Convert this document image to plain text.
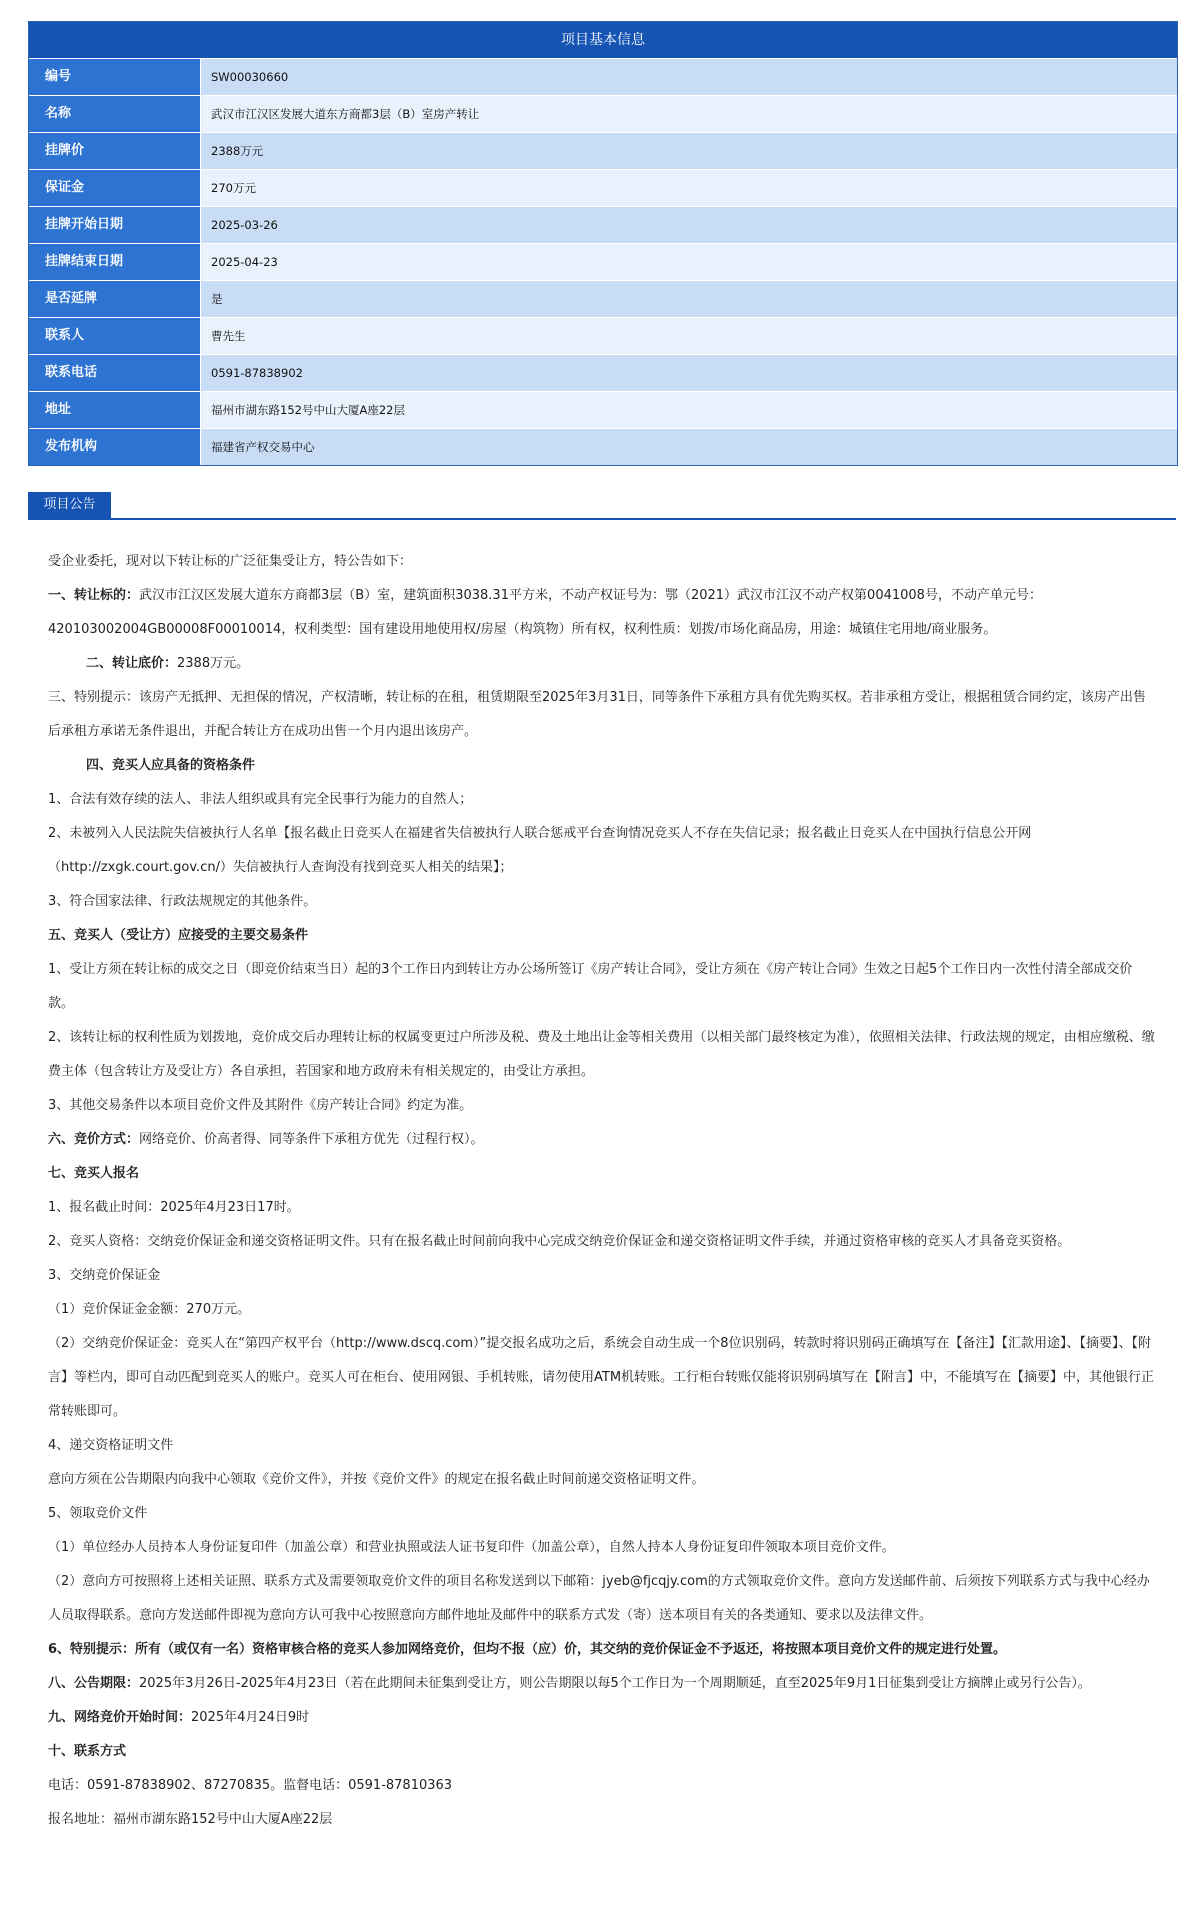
项目基本信息
编号	SW00030660
名称	武汉市江汉区发展大道东方商都3层（B）室房产转让
挂牌价	2388万元
保证金	270万元
挂牌开始日期	2025-03-26
挂牌结束日期	2025-04-23
是否延牌	是
联系人	曹先生
联系电话	0591-87838902
地址	福州市湖东路152号中山大厦A座22层
发布机构	福建省产权交易中心
项目公告

受企业委托，现对以下转让标的广泛征集受让方，特公告如下：

一、转让标的：武汉市江汉区发展大道东方商都3层（B）室，建筑面积3038.31平方米，不动产权证号为：鄂（2021）武汉市江汉不动产权第0041008号，不动产单元号：420103002004GB00008F00010014，权利类型：国有建设用地使用权/房屋（构筑物）所有权，权利性质：划拨/市场化商品房，用途：城镇住宅用地/商业服务。

二、转让底价：2388万元。

三、特别提示：该房产无抵押、无担保的情况，产权清晰，转让标的在租，租赁期限至2025年3月31日，同等条件下承租方具有优先购买权。若非承租方受让，根据租赁合同约定，该房产出售后承租方承诺无条件退出，并配合转让方在成功出售一个月内退出该房产。

四、竞买人应具备的资格条件

1、合法有效存续的法人、非法人组织或具有完全民事行为能力的自然人；

2、未被列入人民法院失信被执行人名单【报名截止日竞买人在福建省失信被执行人联合惩戒平台查询情况竞买人不存在失信记录；报名截止日竞买人在中国执行信息公开网（http://zxgk.court.gov.cn/）失信被执行人查询没有找到竞买人相关的结果】；

3、符合国家法律、行政法规规定的其他条件。

五、竞买人（受让方）应接受的主要交易条件

1、受让方须在转让标的成交之日（即竞价结束当日）起的3个工作日内到转让方办公场所签订《房产转让合同》，受让方须在《房产转让合同》生效之日起5个工作日内一次性付清全部成交价款。

2、该转让标的权利性质为划拨地，竞价成交后办理转让标的权属变更过户所涉及税、费及土地出让金等相关费用（以相关部门最终核定为准），依照相关法律、行政法规的规定，由相应缴税、缴费主体（包含转让方及受让方）各自承担，若国家和地方政府未有相关规定的，由受让方承担。

3、其他交易条件以本项目竞价文件及其附件《房产转让合同》约定为准。

六、竞价方式：网络竞价、价高者得、同等条件下承租方优先（过程行权）。

七、竞买人报名

1、报名截止时间：2025年4月23日17时。

2、竞买人资格：交纳竞价保证金和递交资格证明文件。只有在报名截止时间前向我中心完成交纳竞价保证金和递交资格证明文件手续，并通过资格审核的竞买人才具备竞买资格。

3、交纳竞价保证金

（1）竞价保证金金额：270万元。

（2）交纳竞价保证金：竞买人在“第四产权平台（http://www.dscq.com）”提交报名成功之后，系统会自动生成一个8位识别码，转款时将识别码正确填写在【备注】【汇款用途】、【摘要】、【附言】等栏内，即可自动匹配到竞买人的账户。竞买人可在柜台、使用网银、手机转账，请勿使用ATM机转账。工行柜台转账仅能将识别码填写在【附言】中，不能填写在【摘要】中，其他银行正常转账即可。

4、递交资格证明文件

意向方须在公告期限内向我中心领取《竞价文件》，并按《竞价文件》的规定在报名截止时间前递交资格证明文件。

5、领取竞价文件

（1）单位经办人员持本人身份证复印件（加盖公章）和营业执照或法人证书复印件（加盖公章），自然人持本人身份证复印件领取本项目竞价文件。

（2）意向方可按照将上述相关证照、联系方式及需要领取竞价文件的项目名称发送到以下邮箱：jyeb@fjcqjy.com的方式领取竞价文件。意向方发送邮件前、后须按下列联系方式与我中心经办人员取得联系。意向方发送邮件即视为意向方认可我中心按照意向方邮件地址及邮件中的联系方式发（寄）送本项目有关的各类通知、要求以及法律文件。

6、特别提示：所有（或仅有一名）资格审核合格的竞买人参加网络竞价，但均不报（应）价，其交纳的竞价保证金不予返还，将按照本项目竞价文件的规定进行处置。

八、公告期限：2025年3月26日-2025年4月23日（若在此期间未征集到受让方，则公告期限以每5个工作日为一个周期顺延，直至2025年9月1日征集到受让方摘牌止或另行公告）。

九、网络竞价开始时间：2025年4月24日9时

十、联系方式

电话：0591-87838902、87270835。监督电话：0591-87810363

报名地址：福州市湖东路152号中山大厦A座22层
